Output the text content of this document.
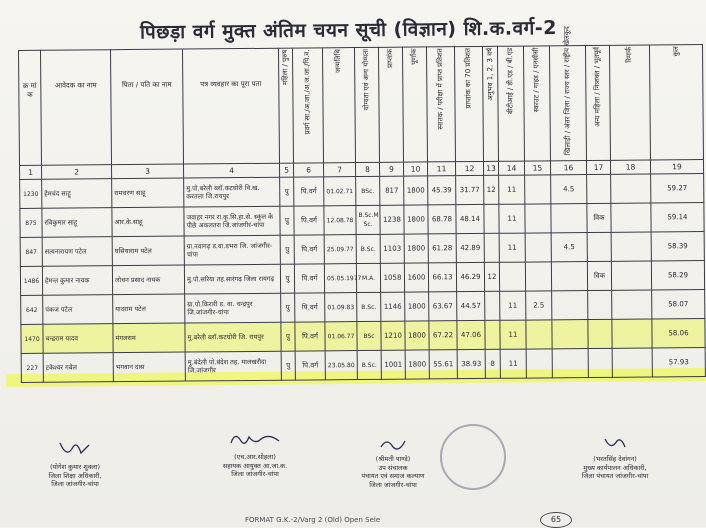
पिछड़ा वर्ग मुक्त अंतिम चयन सूची (विज्ञान) शि.क.वर्ग-2
क्र मां क	आवेदक का नाम	पिता / पति का नाम	पत्र व्यवहार का पूरा पता	महिला / पुरुष	प्रवर्ग सा./अ.जा./अ.ज.जा./पि.व.	जन्मतिथि	योग्यता एवं अन्य योग्यता	प्राप्तांक	पूर्णांक	स्नातक / परीक्षा में प्राप्त प्रतिशत	प्राप्तांक का 70 प्रतिशत	अनुभव 1, 2, 3 वर्ष	बीटीआई / डी.एड / बी.एड	स्काउट / गाइड / एनसीसी	खिलाड़ी / अंतर जिला / राज्य स्तर / राष्ट्रीय खेलकूद	अन्य महिला / निःशक्त / भूतपूर्व	रिमार्क	कुल
1	2	3	4	5	6	7	8	9	10	11	12	13	14	15	16	17	18	19
1230	हेमचंद साहू	रामचरण साहू	मु.पो.बरेली ब्लॉ.कटघोरी वि.ख. करतला जि.रायपुर	पु	पि.वर्ग	01.02.71	BSc.	817	1800	45.39	31.77	12	11		4.5			59.27
875	रविकुमार साहू	आर.के.साहू	जवाहर नगर रा.कृ.सि.हा.से. स्कूल के पीछे अकलतरा जि.जांजगीर-चांपा	पु	पि.वर्ग	12.08.78	B.Sc.M Sc.	1238	1800	68.78	48.14		11			विक		59.14
847	सत्यनारायण पटेल	घसियाराम पटेल	ग्रा.नवागढ़ ड.वा.डभरा जि. जांजगीर-चांपा	पु	पि.वर्ग	25.09.77	B.Sc.	1103	1800	61.28	42.89		11		4.5			58.39
1486	हेमन्त कुमार नायक	लोचन प्रसाद नायक	मु.पो.सरिया तह.सारंगढ़ जिला रायगढ़	पु	पि.वर्ग	05.05.1977	M.A.	1058	1600	66.13	46.29	12				विक		58.29
642	पंकज पटेल	यादराम पटेल	ग्रा.पो.किरारी ड. वा. चन्द्रपुर जि.जांजगीर-चांपा	पु	पि.वर्ग	01.09.83	B.Sc.	1146	1800	63.67	44.57		11	2.5				58.07
1470	चन्द्रराम यादव	मंगलराम	मु.बरेली ब्लॉ.कटघोरी जि. रायपुर	पु	पि.वर्ग	01.06.77	BSc	1210	1800	67.22	47.06		11					58.06
227	टकेश्वर गबेल	भगवान दास	मु.बंदेली पो.बंदेश तह. मालखरौदा जि.जांजगीर	पु	पि.वर्ग	23.05.80	B.Sc.	1001	1800	55.61	38.93	8	11					57.93
(योगेश कुमार शुक्ला)
जिला शिक्षा अधिकारी,
जिला जांजगीर-चांपा
(एच.आर.सोहला)
सहायक आयुक्त आ.जा.क.
जिला जांजगीर-चांपा
(श्रीमती पाण्डे)
उप संचालक
पंचायत एवं समाज कल्याण
जिला जांजगीर-चांपा
(भरतसिंह देवांगन)
मुख्य कार्यपालन अधिकारी,
जिला पंचायत जांजगीर-चांपा
FORMAT G.K.-2/Varg 2 (Old) Open Sele	65
